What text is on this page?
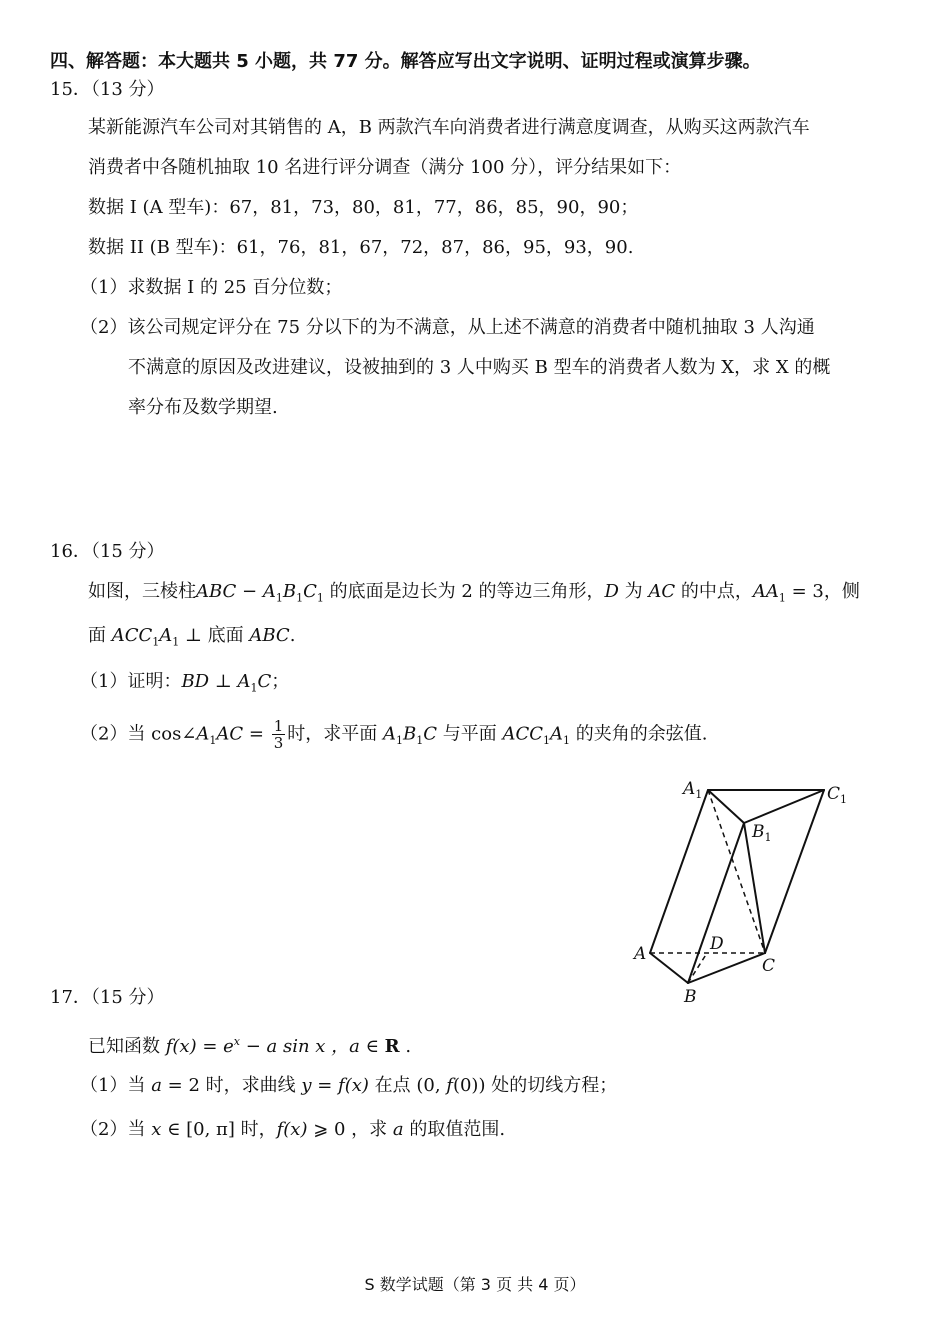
四、解答题：本大题共 5 小题，共 77 分。解答应写出文字说明、证明过程或演算步骤。
15．（13 分）
某新能源汽车公司对其销售的 A，B 两款汽车向消费者进行满意度调查，从购买这两款汽车
消费者中各随机抽取 10 名进行评分调查（满分 100 分），评分结果如下：
数据 I (A 型车)：67，81，73，80，81，77，86，85，90，90；
数据 II (B 型车)：61，76，81，67，72，87，86，95，93，90.
（1）求数据 I 的 25 百分位数；
（2）该公司规定评分在 75 分以下的为不满意，从上述不满意的消费者中随机抽取 3 人沟通
不满意的原因及改进建议，设被抽到的 3 人中购买 B 型车的消费者人数为 X，求 X 的概
率分布及数学期望.
16．（15 分）
如图，三棱柱ABC − $A_1B_1C_1$ 的底面是边长为 2 的等边三角形，D 为 AC 的中点，$AA_1 = 3$，侧
面 $ACC_1A_1$ ⊥ 底面 ABC.
（1）证明：BD ⊥ $A_1C$；
（2）当 $\cos\angle A_1AC = \frac{1}{3}$ 时，求平面 $A_1B_1C$ 与平面 $ACC_1A_1$ 的夹角的余弦值.
$A_1$	$C_1$
$B_1$
A	D
C
B
17．（15 分）
已知函数 $f(x) = e^x - a$ sin x ，a ∈ R .
（1）当 a = 2 时，求曲线 y = f(x) 在点 (0, f(0)) 处的切线方程；
（2）当 x ∈ [0, π] 时，f(x) ⩾ 0 ，求 a 的取值范围.
S 数学试题（第 3 页 共 4 页）
